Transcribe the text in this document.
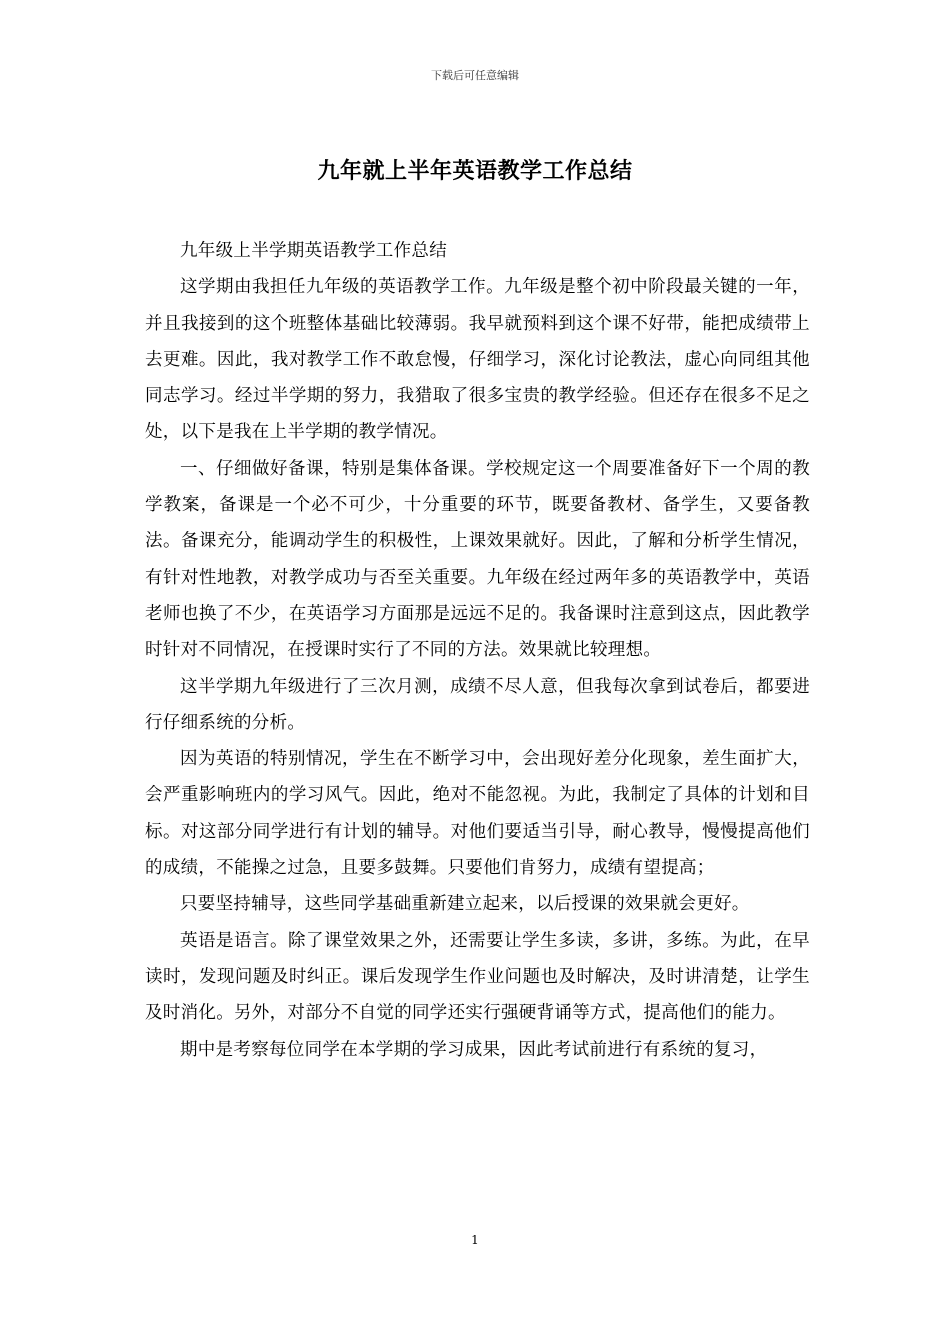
下载后可任意编辑
九年就上半年英语教学工作总结

九年级上半学期英语教学工作总结

这学期由我担任九年级的英语教学工作。九年级是整个初中阶段最关键的一年，并且我接到的这个班整体基础比较薄弱。我早就预料到这个课不好带，能把成绩带上去更难。因此，我对教学工作不敢怠慢，仔细学习，深化讨论教法，虚心向同组其他同志学习。经过半学期的努力，我猎取了很多宝贵的教学经验。但还存在很多不足之处，以下是我在上半学期的教学情况。

一、仔细做好备课，特别是集体备课。学校规定这一个周要准备好下一个周的教学教案，备课是一个必不可少，十分重要的环节，既要备教材、备学生，又要备教法。备课充分，能调动学生的积极性，上课效果就好。因此，了解和分析学生情况，有针对性地教，对教学成功与否至关重要。九年级在经过两年多的英语教学中，英语老师也换了不少，在英语学习方面那是远远不足的。我备课时注意到这点，因此教学时针对不同情况，在授课时实行了不同的方法。效果就比较理想。

这半学期九年级进行了三次月测，成绩不尽人意，但我每次拿到试卷后，都要进行仔细系统的分析。

因为英语的特别情况，学生在不断学习中，会出现好差分化现象，差生面扩大，会严重影响班内的学习风气。因此，绝对不能忽视。为此，我制定了具体的计划和目标。对这部分同学进行有计划的辅导。对他们要适当引导，耐心教导，慢慢提高他们的成绩，不能操之过急，且要多鼓舞。只要他们肯努力，成绩有望提高；

只要坚持辅导，这些同学基础重新建立起来，以后授课的效果就会更好。

英语是语言。除了课堂效果之外，还需要让学生多读，多讲，多练。为此，在早读时，发现问题及时纠正。课后发现学生作业问题也及时解决，及时讲清楚，让学生及时消化。另外，对部分不自觉的同学还实行强硬背诵等方式，提高他们的能力。

期中是考察每位同学在本学期的学习成果，因此考试前进行有系统的复习，

1
